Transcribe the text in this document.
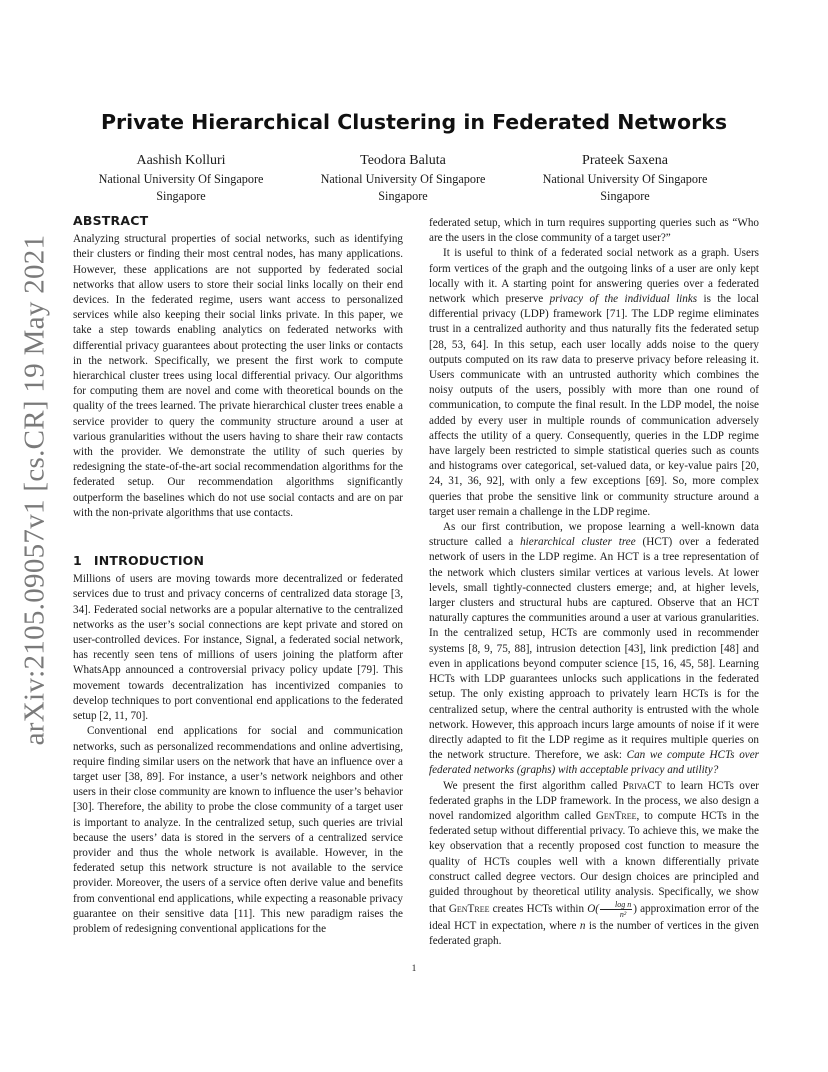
arXiv:2105.09057v1 [cs.CR] 19 May 2021
Private Hierarchical Clustering in Federated Networks
Aashish Kolluri
National University Of Singapore
Singapore
Teodora Baluta
National University Of Singapore
Singapore
Prateek Saxena
National University Of Singapore
Singapore
ABSTRACT

Analyzing structural properties of social networks, such as identifying their clusters or finding their most central nodes, has many applications. However, these applications are not supported by federated social networks that allow users to store their social links locally on their end devices. In the federated regime, users want access to personalized services while also keeping their social links private. In this paper, we take a step towards enabling analytics on federated networks with differential privacy guarantees about protecting the user links or contacts in the network. Specifically, we present the first work to compute hierarchical cluster trees using local differential privacy. Our algorithms for computing them are novel and come with theoretical bounds on the quality of the trees learned. The private hierarchical cluster trees enable a service provider to query the community structure around a user at various granularities without the users having to share their raw contacts with the provider. We demonstrate the utility of such queries by redesigning the state-of-the-art social recommendation algorithms for the federated setup. Our recommendation algorithms significantly outperform the baselines which do not use social contacts and are on par with the non-private algorithms that use contacts.

1 INTRODUCTION

Millions of users are moving towards more decentralized or federated services due to trust and privacy concerns of centralized data storage [3, 34]. Federated social networks are a popular alternative to the centralized networks as the user’s social connections are kept private and stored on user-controlled devices. For instance, Signal, a federated social network, has recently seen tens of millions of users joining the platform after WhatsApp announced a controversial privacy policy update [79]. This movement towards decentralization has incentivized companies to develop techniques to port conventional end applications to the federated setup [2, 11, 70].

Conventional end applications for social and communication networks, such as personalized recommendations and online advertising, require finding similar users on the network that have an influence over a target user [38, 89]. For instance, a user’s network neighbors and other users in their close community are known to influence the user’s behavior [30]. Therefore, the ability to probe the close community of a target user is important to analyze. In the centralized setup, such queries are trivial because the users’ data is stored in the servers of a centralized service provider and thus the whole network is available. However, in the federated setup this network structure is not available to the service provider. Moreover, the users of a service often derive value and benefits from conventional end applications, while expecting a reasonable privacy guarantee on their sensitive data [11]. This new paradigm raises the problem of redesigning conventional applications for the

federated setup, which in turn requires supporting queries such as “Who are the users in the close community of a target user?”

It is useful to think of a federated social network as a graph. Users form vertices of the graph and the outgoing links of a user are only kept locally with it. A starting point for answering queries over a federated network which preserve privacy of the individual links is the local differential privacy (LDP) framework [71]. The LDP regime eliminates trust in a centralized authority and thus naturally fits the federated setup [28, 53, 64]. In this setup, each user locally adds noise to the query outputs computed on its raw data to preserve privacy before releasing it. Users communicate with an untrusted authority which combines the noisy outputs of the users, possibly with more than one round of communication, to compute the final result. In the LDP model, the noise added by every user in multiple rounds of communication adversely affects the utility of a query. Consequently, queries in the LDP regime have largely been restricted to simple statistical queries such as counts and histograms over categorical, set-valued data, or key-value pairs [20, 24, 31, 36, 92], with only a few exceptions [69]. So, more complex queries that probe the sensitive link or community structure around a target user remain a challenge in the LDP regime.

As our first contribution, we propose learning a well-known data structure called a hierarchical cluster tree (HCT) over a federated network of users in the LDP regime. An HCT is a tree representation of the network which clusters similar vertices at various levels. At lower levels, small tightly-connected clusters emerge; and, at higher levels, larger clusters and structural hubs are captured. Observe that an HCT naturally captures the communities around a user at various granularities. In the centralized setup, HCTs are commonly used in recommender systems [8, 9, 75, 88], intrusion detection [43], link prediction [48] and even in applications beyond computer science [15, 16, 45, 58]. Learning HCTs with LDP guarantees unlocks such applications in the federated setup. The only existing approach to privately learn HCTs is for the centralized setup, where the central authority is entrusted with the whole network. However, this approach incurs large amounts of noise if it were directly adapted to fit the LDP regime as it requires multiple queries on the network structure. Therefore, we ask: Can we compute HCTs over federated networks (graphs) with acceptable privacy and utility?

We present the first algorithm called PrivaCT to learn HCTs over federated graphs in the LDP framework. In the process, we also design a novel randomized algorithm called GenTree, to compute HCTs in the federated setup without differential privacy. To achieve this, we make the key observation that a recently proposed cost function to measure the quality of HCTs couples well with a known differentially private construct called degree vectors. Our design choices are principled and guided throughout by theoretical utility analysis. Specifically, we show that GenTree creates HCTs within $O( \frac{\text{log n}}{\text{n²}}$ ) approximation error of the ideal HCT in expectation, where n is the number of vertices in the given federated graph.

1
